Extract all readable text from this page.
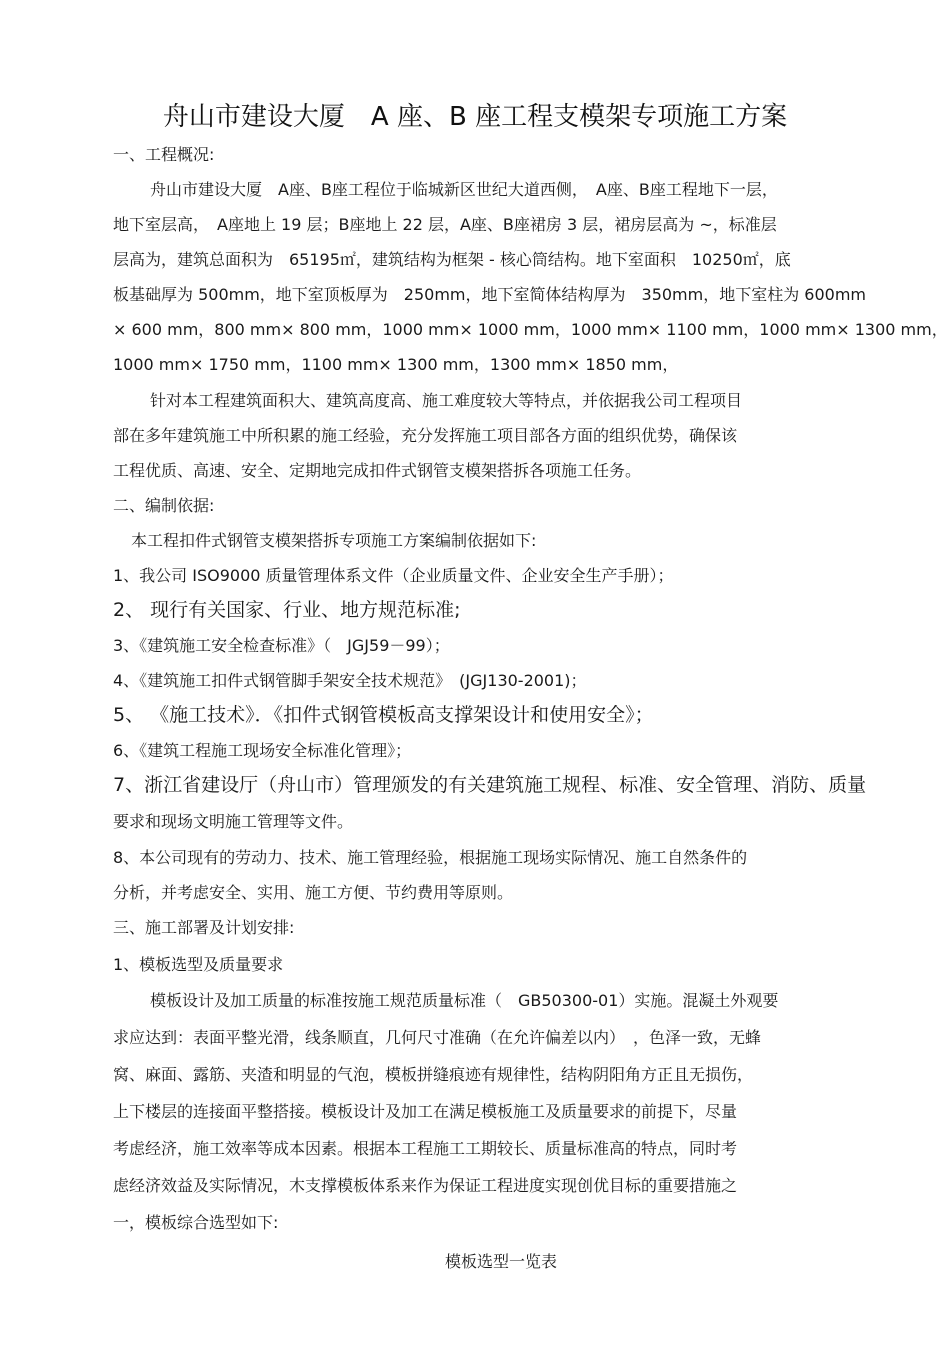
舟山市建设大厦　A 座、B 座工程支模架专项施工方案
一、工程概况:
舟山市建设大厦　A座、B座工程位于临城新区世纪大道西侧，　A座、B座工程地下一层，
地下室层高，　A座地上 19 层；B座地上 22 层，A座、B座裙房 3 层，裙房层高为 ~，标准层
层高为，建筑总面积为　65195㎡，建筑结构为框架 - 核心筒结构。地下室面积　10250㎡，底
板基础厚为 500mm，地下室顶板厚为　250mm，地下室简体结构厚为　350mm，地下室柱为 600mm
× 600 mm，800 mm× 800 mm，1000 mm× 1000 mm，1000 mm× 1100 mm，1000 mm× 1300 mm，
1000 mm× 1750 mm，1100 mm× 1300 mm，1300 mm× 1850 mm，
针对本工程建筑面积大、建筑高度高、施工难度较大等特点，并依据我公司工程项目
部在多年建筑施工中所积累的施工经验，充分发挥施工项目部各方面的组织优势，确保该
工程优质、高速、安全、定期地完成扣件式钢管支模架搭拆各项施工任务。
二、编制依据:
本工程扣件式钢管支模架搭拆专项施工方案编制依据如下:
1、我公司 ISO9000 质量管理体系文件（企业质量文件、企业安全生产手册）；
2、 现行有关国家、行业、地方规范标准;
3、《建筑施工安全检查标准》（　JGJ59－99）；
4、《建筑施工扣件式钢管脚手架安全技术规范》　(JGJ130-2001)；
5、 《施工技术》．《扣件式钢管模板高支撑架设计和使用安全》；
6、《建筑工程施工现场安全标准化管理》；
7、浙江省建设厅（舟山市）管理颁发的有关建筑施工规程、标准、安全管理、消防、质量
要求和现场文明施工管理等文件。
8、本公司现有的劳动力、技术、施工管理经验，根据施工现场实际情况、施工自然条件的
分析，并考虑安全、实用、施工方便、节约费用等原则。
三、施工部署及计划安排:
1、模板选型及质量要求
模板设计及加工质量的标准按施工规范质量标准（　GB50300-01）实施。混凝土外观要
求应达到：表面平整光滑，线条顺直，几何尺寸准确（在允许偏差以内）　，色泽一致，无蜂
窝、麻面、露筋、夹渣和明显的气泡，模板拼缝痕迹有规律性，结构阴阳角方正且无损伤，
上下楼层的连接面平整搭接。模板设计及加工在满足模板施工及质量要求的前提下，尽量
考虑经济，施工效率等成本因素。根据本工程施工工期较长、质量标准高的特点，同时考
虑经济效益及实际情况，木支撑模板体系来作为保证工程进度实现创优目标的重要措施之
一，模板综合选型如下:
模板选型一览表
